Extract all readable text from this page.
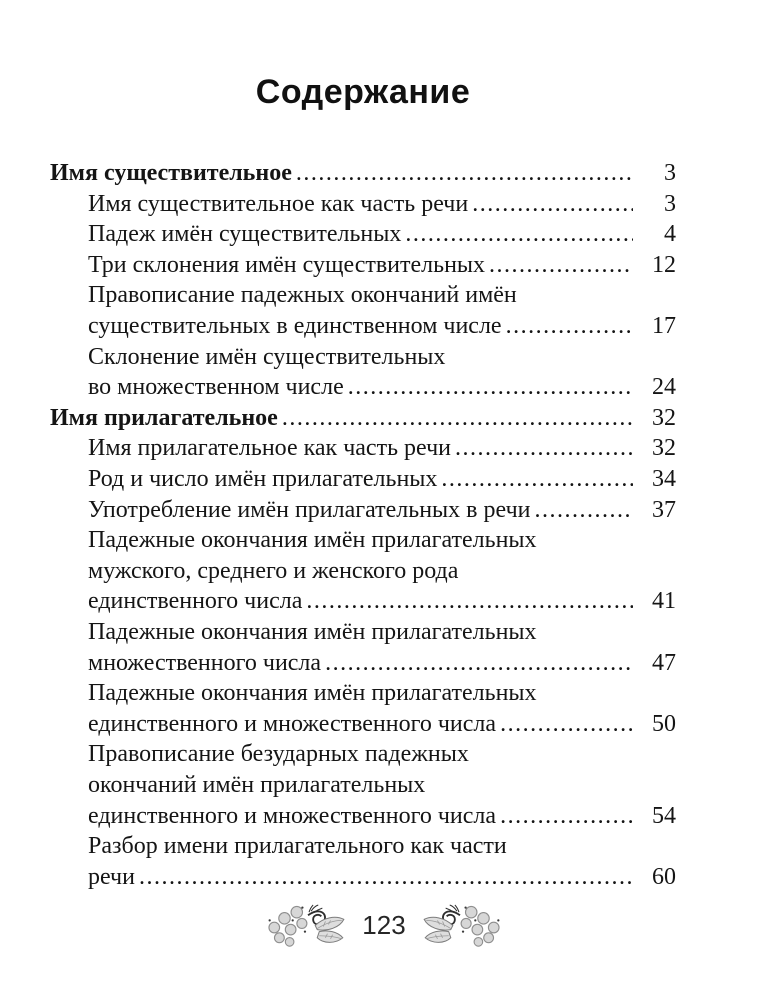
Содержание
Имя существительное .....	3
Имя существительное как часть речи .....	3
Падеж имён существительных .....	4
Три склонения имён существительных .....	12
Правописание падежных окончаний имён
существительных в единственном числе .....	17
Склонение имён существительных
во множественном числе .....	24
Имя прилагательное .....	32
Имя прилагательное как часть речи .....	32
Род и число имён прилагательных .....	34
Употребление имён прилагательных в речи .....	37
Падежные окончания имён прилагательных
мужского, среднего и женского рода
единственного числа .....	41
Падежные окончания имён прилагательных
множественного числа .....	47
Падежные окончания имён прилагательных
единственного и множественного числа .....	50
Правописание безударных падежных
окончаний имён прилагательных
единственного и множественного числа .....	54
Разбор имени прилагательного как части
речи .....	60
123
